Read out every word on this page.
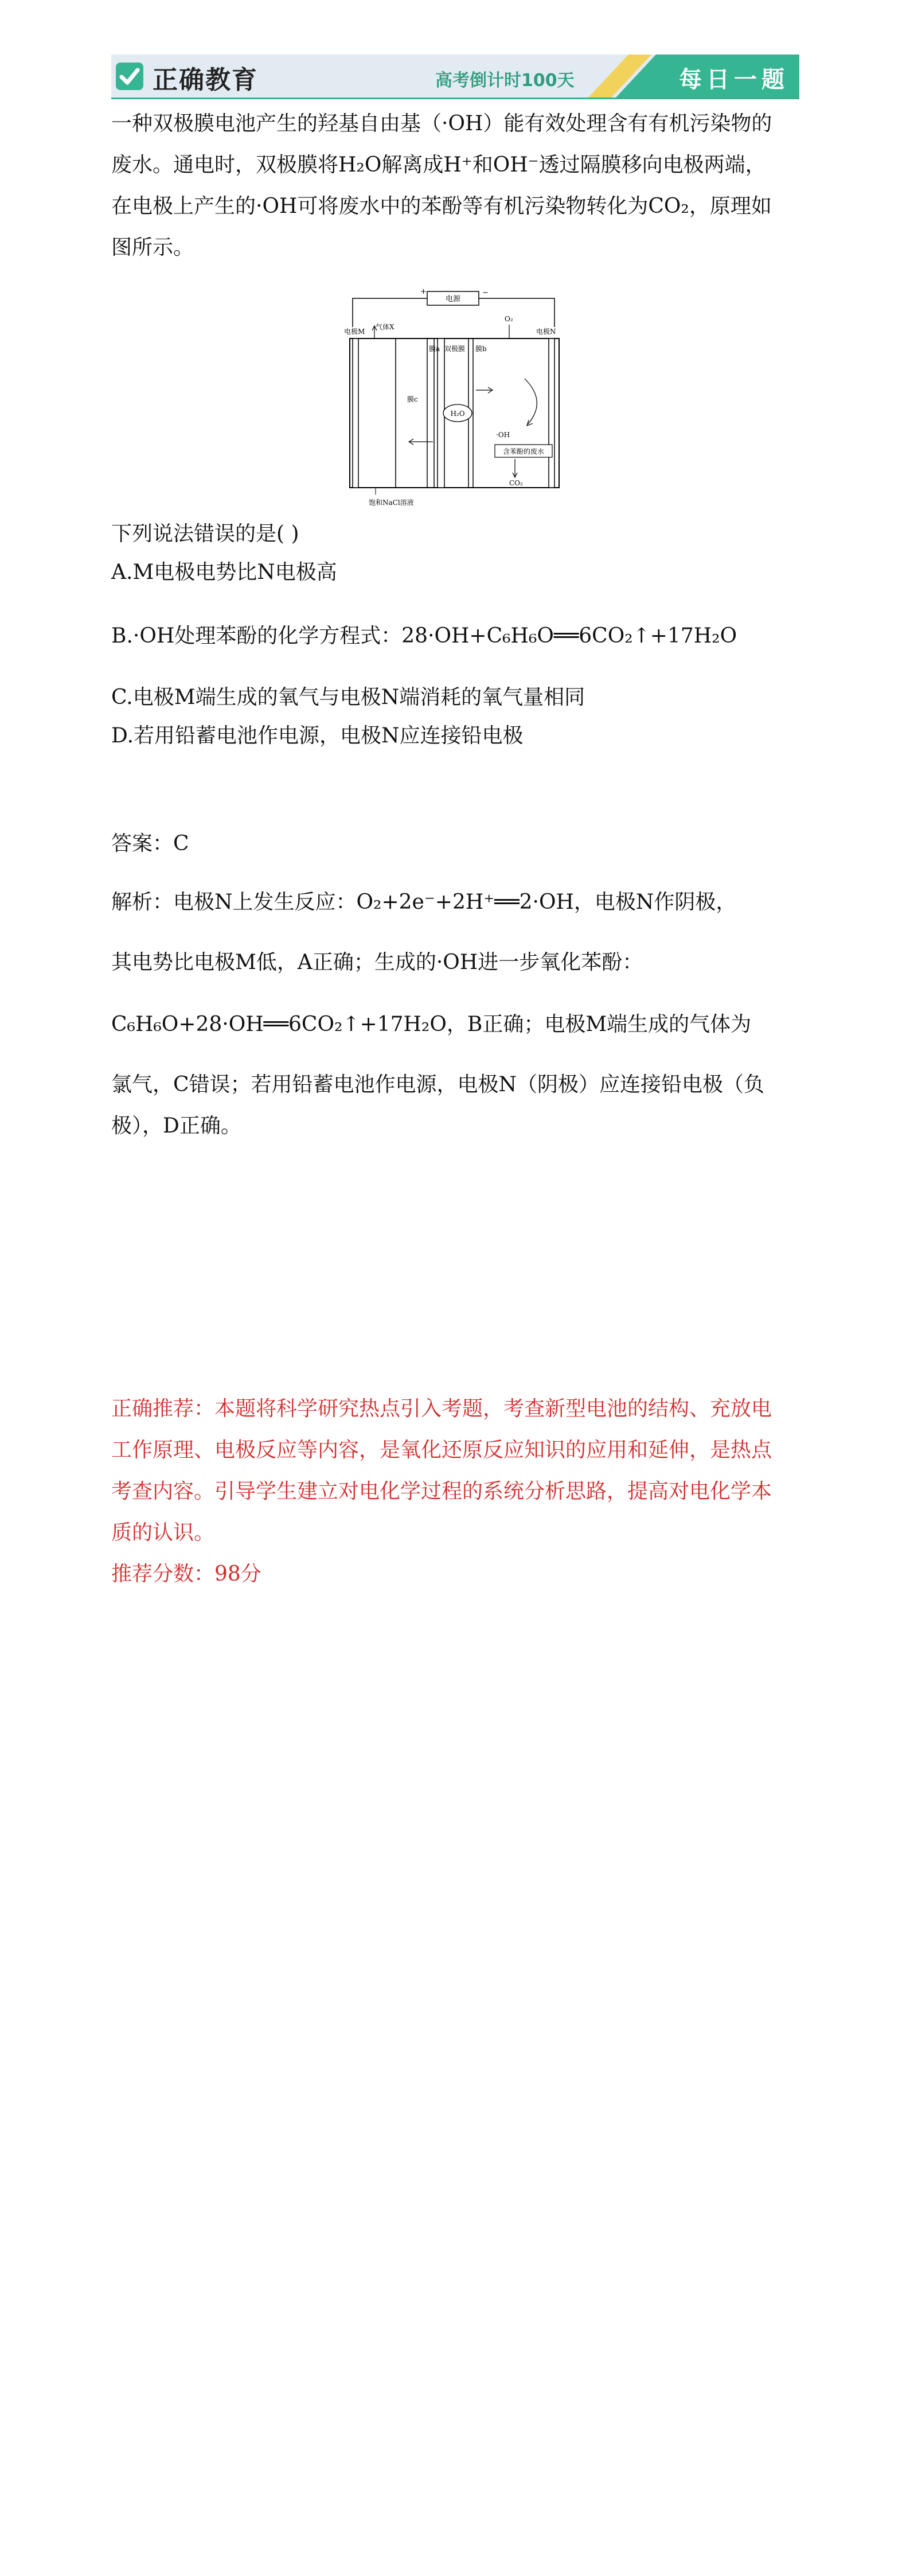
正确教育	高考倒计时100天	每日一题
一种双极膜电池产生的羟基自由基（·OH）能有效处理含有有机污染物的
废水。通电时，双极膜将H₂O解离成H⁺和OH⁻透过隔膜移向电极两端，
在电极上产生的·OH可将废水中的苯酚等有机污染物转化为CO₂，原理如
图所示。
电源
+	−
电极M	电极N
气体X
O₂
膜a 双极膜 膜b
膜c
H₂O
·OH
含苯酚的废水
CO₂
饱和NaCl溶液
下列说法错误的是( )
A.M电极电势比N电极高
B.·OH处理苯酚的化学方程式：28·OH+C₆H₆O══6CO₂↑+17H₂O
C.电极M端生成的氧气与电极N端消耗的氧气量相同
D.若用铅蓄电池作电源，电极N应连接铅电极
答案：C
解析：电极N上发生反应：O₂+2e⁻+2H⁺══2·OH，电极N作阴极，
其电势比电极M低，A正确；生成的·OH进一步氧化苯酚：
C₆H₆O+28·OH══6CO₂↑+17H₂O，B正确；电极M端生成的气体为
氯气，C错误；若用铅蓄电池作电源，电极N（阴极）应连接铅电极（负
极），D正确。
正确推荐：本题将科学研究热点引入考题，考查新型电池的结构、充放电
工作原理、电极反应等内容，是氧化还原反应知识的应用和延伸，是热点
考查内容。引导学生建立对电化学过程的系统分析思路，提高对电化学本
质的认识。
推荐分数：98分
